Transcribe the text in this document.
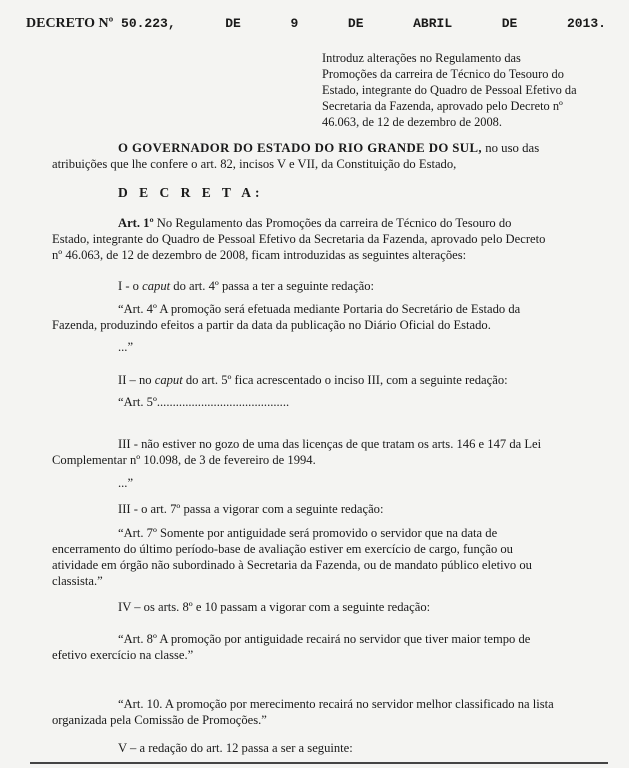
DECRETO Nº 50.223,	DE	9	DE	ABRIL	DE	2013.
Introduz alterações no Regulamento das
Promoções da carreira de Técnico do Tesouro do
Estado, integrante do Quadro de Pessoal Efetivo da
Secretaria da Fazenda, aprovado pelo Decreto nº
46.063, de 12 de dezembro de 2008.
O GOVERNADOR DO ESTADO DO RIO GRANDE DO SUL, no uso das
atribuições que lhe confere o art. 82, incisos V e VII, da Constituição do Estado,
D E C R E T A:
Art. 1º No Regulamento das Promoções da carreira de Técnico do Tesouro do
Estado, integrante do Quadro de Pessoal Efetivo da Secretaria da Fazenda, aprovado pelo Decreto
nº 46.063, de 12 de dezembro de 2008, ficam introduzidas as seguintes alterações:
I - o caput do art. 4º passa a ter a seguinte redação:
“Art. 4º A promoção será efetuada mediante Portaria do Secretário de Estado da
Fazenda, produzindo efeitos a partir da data da publicação no Diário Oficial do Estado.
...”
II – no caput do art. 5º fica acrescentado o inciso III, com a seguinte redação:
“Art. 5º..........................................
III - não estiver no gozo de uma das licenças de que tratam os arts. 146 e 147 da Lei
Complementar nº 10.098, de 3 de fevereiro de 1994.
...”
III - o art. 7º passa a vigorar com a seguinte redação:
“Art. 7º Somente por antiguidade será promovido o servidor que na data de
encerramento do último período-base de avaliação estiver em exercício de cargo, função ou
atividade em órgão não subordinado à Secretaria da Fazenda, ou de mandato público eletivo ou
classista.”
IV – os arts. 8º e 10 passam a vigorar com a seguinte redação:
“Art. 8º A promoção por antiguidade recairá no servidor que tiver maior tempo de
efetivo exercício na classe.”
“Art. 10. A promoção por merecimento recairá no servidor melhor classificado na lista
organizada pela Comissão de Promoções.”
V – a redação do art. 12 passa a ser a seguinte:
